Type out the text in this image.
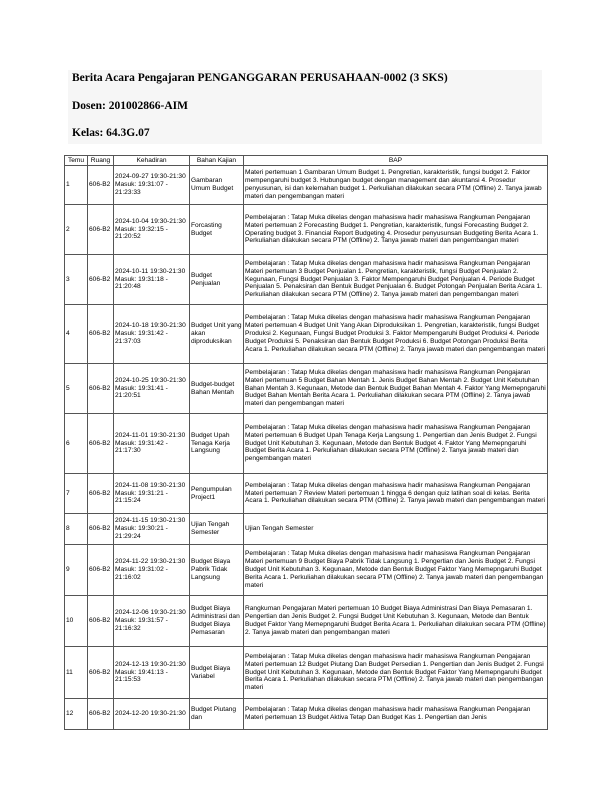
Berita Acara Pengajaran PENGANGGARAN PERUSAHAAN-0002 (3 SKS)
Dosen: 201002866-AIM
Kelas: 64.3G.07
Temu	Ruang	Kehadiran	Bahan Kajian	BAP
1	606-B2	2024-09-27 19:30-21:30
Masuk: 19:31:07 - 21:23:33	Gambaran Umum Budget	Materi pertemuan 1 Gambaran Umum Budget 1. Pengretian, karakteristik, fungsi budget 2. Faktor mempengaruhi budget 3. Hubungan budget dengan management dan akuntansi 4. Prosedur penyusunan, isi dan kelemahan budget 1. Perkuliahan dilakukan secara PTM (Offline) 2. Tanya jawab materi dan pengembangan materi
2	606-B2	2024-10-04 19:30-21:30
Masuk: 19:32:15 - 21:20:52	Forcasting Budget	Pembelajaran : Tatap Muka dikelas dengan mahasiswa hadir mahasiswa Rangkuman Pengajaran Materi pertemuan 2 Forecasting Budget 1. Pengretian, karakteristik, fungsi Forecasting Budget 2. Operating budget 3. Financial Report Budgeting 4. Prosedur penyusunsan Budgeting Berita Acara 1. Perkuliahan dilakukan secara PTM (Offline) 2. Tanya jawab materi dan pengembangan materi
3	606-B2	2024-10-11 19:30-21:30
Masuk: 19:31:18 - 21:20:48	Budget Penjualan	Pembelajaran : Tatap Muka dikelas dengan mahasiswa hadir mahasiswa Rangkuman Pengajaran Materi pertemuan 3 Budget Penjualan 1. Pengretian, karakteristik, fungsi Budget Penjualan 2. Kegunaan, Fungsi Budget Penjualan 3. Faktor Mempengaruhi Budget Penjualan 4. Periode Budget Penjualan 5. Penaksiran dan Bentuk Budget Penjualan 6. Budget Potongan Penjualan Berita Acara 1. Perkuliahan dilakukan secara PTM (Offline) 2. Tanya jawab materi dan pengembangan materi
4	606-B2	2024-10-18 19:30-21:30
Masuk: 19:31:42 - 21:37:03	Budget Unit yang akan diproduksikan	Pembelajaran : Tatap Muka dikelas dengan mahasiswa hadir mahasiswa Rangkuman Pengajaran Materi pertemuan 4 Budget Unit Yang Akan Diproduksikan 1. Pengretian, karakteristik, fungsi Budget Produksi 2. Kegunaan, Fungsi Budget Produksi 3. Faktor Mempengaruhi Budget Produksi 4. Periode Budget Produksi 5. Penaksiran dan Bentuk Budget Produksi 6. Budget Potongan Produksi Berita Acara 1. Perkuliahan dilakukan secara PTM (Offline) 2. Tanya jawab materi dan pengembangan materi
5	606-B2	2024-10-25 19:30-21:30
Masuk: 19:31:41 - 21:20:51	Budget-budget Bahan Mentah	Pembelajaran : Tatap Muka dikelas dengan mahasiswa hadir mahasiswa Rangkuman Pengajaran Materi pertemuan 5 Budget Bahan Mentah 1. Jenis Budget Bahan Mentah 2. Budget Unit Kebutuhan Bahan Mentah 3. Kegunaan, Metode dan Bentuk Budget Bahan Mentah 4. Faktor Yang Memepngaruhi Budget Bahan Mentah Berita Acara 1. Perkuliahan dilakukan secara PTM (Offline) 2. Tanya jawab materi dan pengembangan materi
6	606-B2	2024-11-01 19:30-21:30
Masuk: 19:31:42 - 21:17:30	Budget Upah Tenaga Kerja Langsung	Pembelajaran : Tatap Muka dikelas dengan mahasiswa hadir mahasiswa Rangkuman Pengajaran Materi pertemuan 6 Budget Upah Tenaga Kerja Langsung 1. Pengertian dan Jenis Budget 2. Fungsi Budget Unit Kebutuhan 3. Kegunaan, Metode dan Bentuk Budget 4. Faktor Yang Memepngaruhi Budget Berita Acara 1. Perkuliahan dilakukan secara PTM (Offline) 2. Tanya jawab materi dan pengembangan materi
7	606-B2	2024-11-08 19:30-21:30
Masuk: 19:31:21 - 21:15:24	Pengumpulan Project1	Pembelajaran : Tatap Muka dikelas dengan mahasiswa hadir mahasiswa Rangkuman Pengajaran Materi pertemuan 7 Review Materi pertemuan 1 hingga 6 dengan quiz latihan soal di kelas. Berita Acara 1. Perkuliahan dilakukan secara PTM (Offline) 2. Tanya jawab materi dan pengembangan materi
8	606-B2	2024-11-15 19:30-21:30
Masuk: 19:30:21 - 21:29:24	Ujian Tengah Semester	Ujian Tengah Semester
9	606-B2	2024-11-22 19:30-21:30
Masuk: 19:31:02 - 21:16:02	Budget Biaya Pabrik Tidak Langsung	Pembelajaran : Tatap Muka dikelas dengan mahasiswa hadir mahasiswa Rangkuman Pengajaran Materi pertemuan 9 Budget Biaya Pabrik Tidak Langsung 1. Pengertian dan Jenis Budget 2. Fungsi Budget Unit Kebutuhan 3. Kegunaan, Metode dan Bentuk Budget Faktor Yang Memepngaruhi Budget Berita Acara 1. Perkuliahan dilakukan secara PTM (Offline) 2. Tanya jawab materi dan pengembangan materi
10	606-B2	2024-12-06 19:30-21:30
Masuk: 19:31:57 - 21:16:32	Budget Biaya Administrasi dan Budget Biaya Pemasaran	Rangkuman Pengajaran Materi pertemuan 10 Budget Biaya Administrasi Dan Biaya Pemasaran 1. Pengertian dan Jenis Budget 2. Fungsi Budget Unit Kebutuhan 3. Kegunaan, Metode dan Bentuk Budget Faktor Yang Memepngaruhi Budget Berita Acara 1. Perkuliahan dilakukan secara PTM (Offline) 2. Tanya jawab materi dan pengembangan materi
11	606-B2	2024-12-13 19:30-21:30
Masuk: 19:41:13 - 21:15:53	Budget Biaya Variabel	Pembelajaran : Tatap Muka dikelas dengan mahasiswa hadir mahasiswa Rangkuman Pengajaran Materi pertemuan 12 Budget Piutang Dan Budget Persedian 1. Pengertian dan Jenis Budget 2. Fungsi Budget Unit Kebutuhan 3. Kegunaan, Metode dan Bentuk Budget Faktor Yang Memepngaruhi Budget Berita Acara 1. Perkuliahan dilakukan secara PTM (Offline) 2. Tanya jawab materi dan pengembangan materi
12	606-B2	2024-12-20 19:30-21:30	Budget Piutang dan	Pembelajaran : Tatap Muka dikelas dengan mahasiswa hadir mahasiswa Rangkuman Pengajaran Materi pertemuan 13 Budget Aktiva Tetap Dan Budget Kas 1. Pengertian dan Jenis
